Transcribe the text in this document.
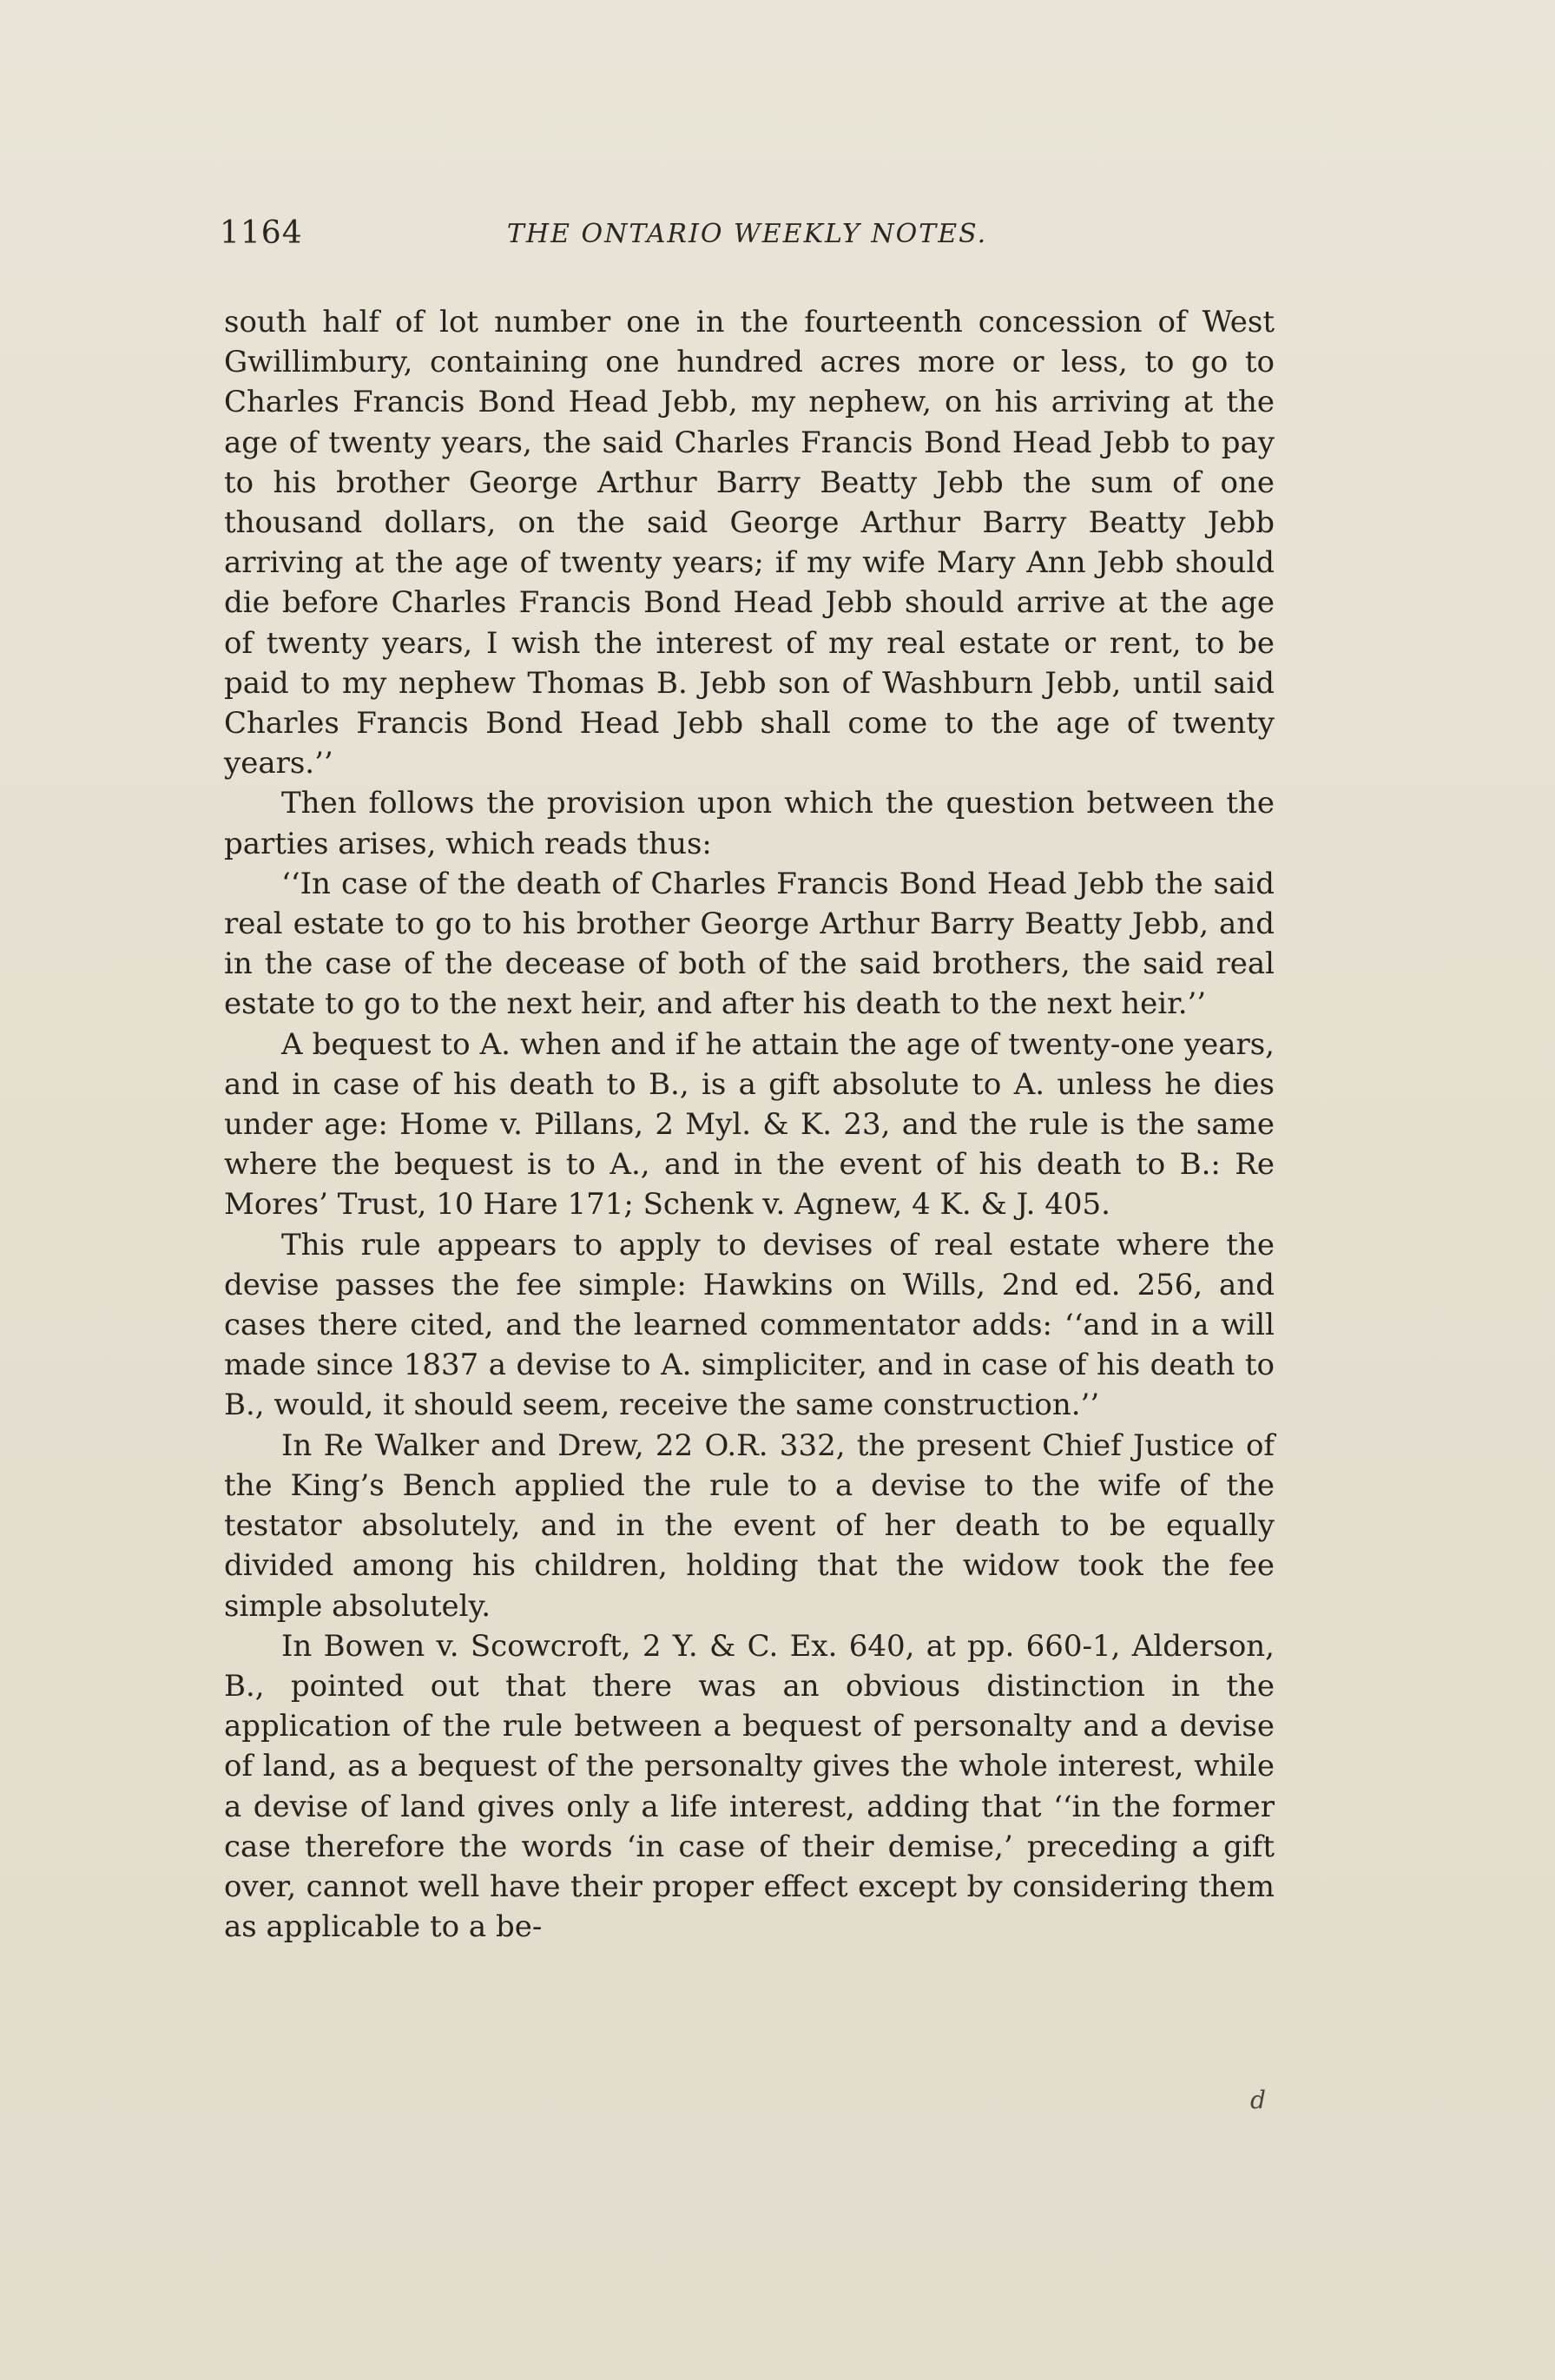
1164	THE ONTARIO WEEKLY NOTES.

south half of lot number one in the fourteenth concession of West Gwillimbury, containing one hundred acres more or less, to go to Charles Francis Bond Head Jebb, my nephew, on his arriving at the age of twenty years, the said Charles Francis Bond Head Jebb to pay to his brother George Arthur Barry Beatty Jebb the sum of one thousand dollars, on the said George Arthur Barry Beatty Jebb arriving at the age of twenty years; if my wife Mary Ann Jebb should die before Charles Francis Bond Head Jebb should arrive at the age of twenty years, I wish the interest of my real estate or rent, to be paid to my nephew Thomas B. Jebb son of Washburn Jebb, until said Charles Francis Bond Head Jebb shall come to the age of twenty years.’’

Then follows the provision upon which the question between the parties arises, which reads thus:

‘‘In case of the death of Charles Francis Bond Head Jebb the said real estate to go to his brother George Arthur Barry Beatty Jebb, and in the case of the decease of both of the said brothers, the said real estate to go to the next heir, and after his death to the next heir.’’

A bequest to A. when and if he attain the age of twenty-one years, and in case of his death to B., is a gift absolute to A. unless he dies under age: Home v. Pillans, 2 Myl. & K. 23, and the rule is the same where the bequest is to A., and in the event of his death to B.: Re Mores’ Trust, 10 Hare 171; Schenk v. Agnew, 4 K. & J. 405.

This rule appears to apply to devises of real estate where the devise passes the fee simple: Hawkins on Wills, 2nd ed. 256, and cases there cited, and the learned commentator adds: ‘‘and in a will made since 1837 a devise to A. simpliciter, and in case of his death to B., would, it should seem, receive the same construction.’’

In Re Walker and Drew, 22 O.R. 332, the present Chief Justice of the King’s Bench applied the rule to a devise to the wife of the testator absolutely, and in the event of her death to be equally divided among his children, holding that the widow took the fee simple absolutely.

In Bowen v. Scowcroft, 2 Y. & C. Ex. 640, at pp. 660-1, Alderson, B., pointed out that there was an obvious distinction in the application of the rule between a bequest of personalty and a devise of land, as a bequest of the personalty gives the whole interest, while a devise of land gives only a life interest, adding that ‘‘in the former case therefore the words ‘in case of their demise,’ preceding a gift over, cannot well have their proper effect except by considering them as applicable to a be-

d
